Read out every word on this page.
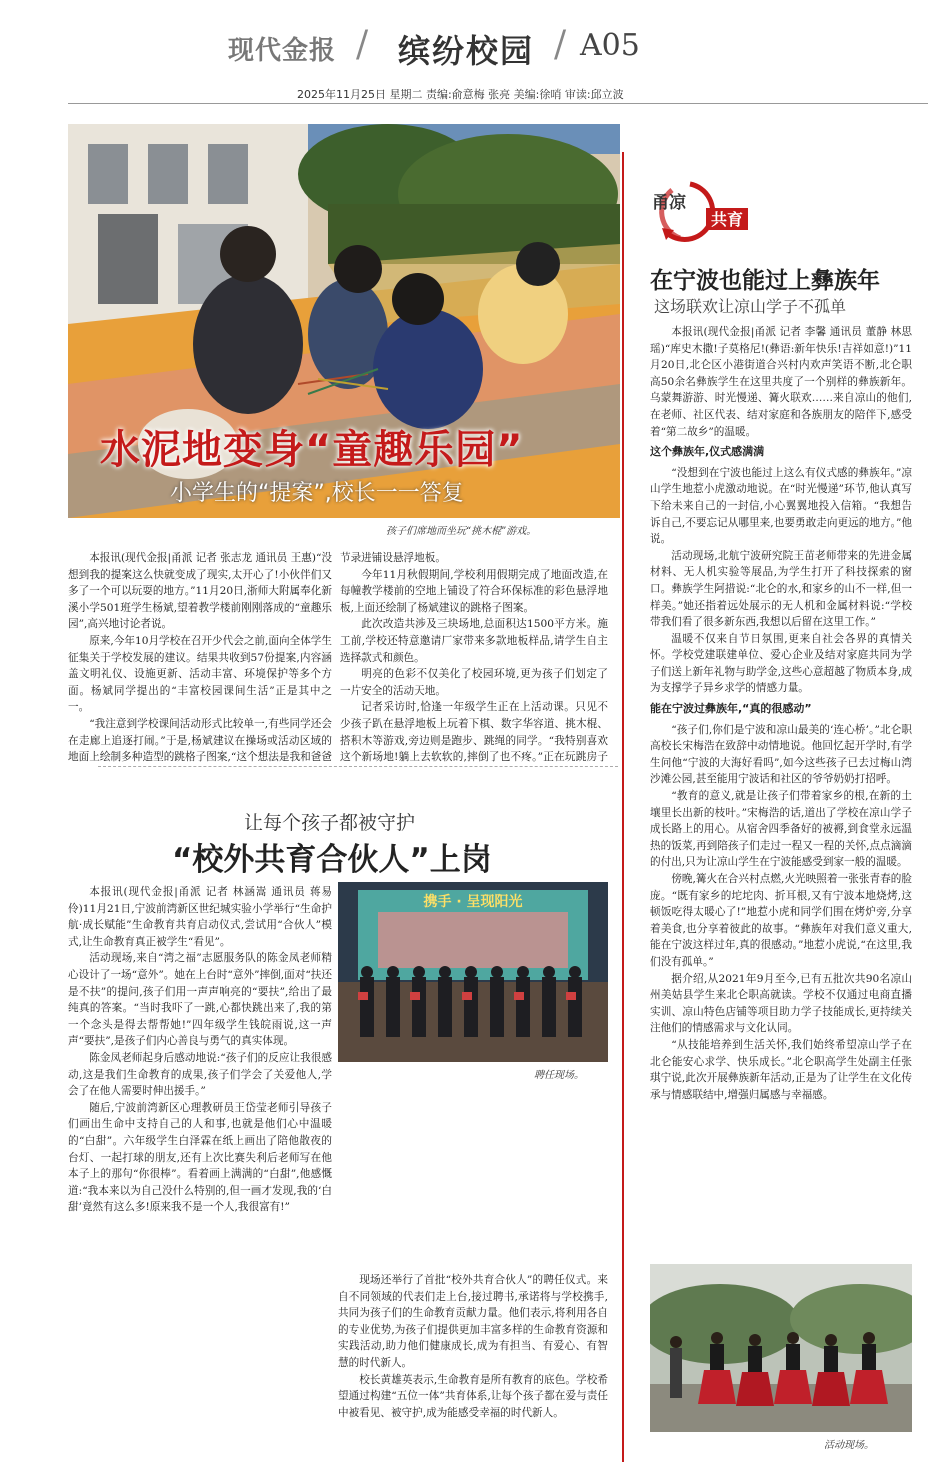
现代金报 / 缤纷校园 / A05
2025年11月25日 星期二 责编:俞意梅 张亮 美编:徐哨 审读:邱立波
水泥地变身“童趣乐园”
小学生的“提案”,校长一一答复
孩子们席地而坐玩“挑木棍”游戏。

本报讯(现代金报|甬派 记者 张志龙 通讯员 王惠)“没想到我的提案这么快就变成了现实,太开心了!小伙伴们又多了一个可以玩耍的地方。”11月20日,浙师大附属奉化新溪小学501班学生杨斌,望着教学楼前刚刚落成的“童趣乐园”,高兴地讨论者说。

原来,今年10月学校在召开少代会之前,面向全体学生征集关于学校发展的建议。结果共收到57份提案,内容涵盖文明礼仪、设施更新、活动丰富、环境保护等多个方面。杨斌同学提出的“丰富校园课间生活”正是其中之一。

“我注意到学校课间活动形式比较单一,有些同学还会在走廊上追逐打闹。”于是,杨斌建议在操场或活动区域的地面上绘制多种造型的跳格子图案,“这个想法是我和爸爸

节录进铺设悬浮地板。

今年11月秋假期间,学校利用假期完成了地面改造,在每幢教学楼前的空地上铺设了符合环保标准的彩色悬浮地板,上面还绘制了杨斌建议的跳格子图案。

此次改造共涉及三块场地,总面积达1500平方米。施工前,学校还特意邀请厂家带来多款地板样品,请学生自主选择款式和颜色。

明亮的色彩不仅美化了校园环境,更为孩子们划定了一片安全的活动天地。

记者采访时,恰逢一年级学生正在上活动课。只见不少孩子趴在悬浮地板上玩着下棋、数字华容道、挑木棍、搭积木等游戏,旁边则是跑步、跳绳的同学。“我特别喜欢这个新场地!躺上去软软的,摔倒了也不疼。”正在玩跳房子

让每个孩子都被守护
“校外共育合伙人”上岗

本报讯(现代金报|甬派 记者 林涵嵩 通讯员 蒋易伶)11月21日,宁波前湾新区世纪城实验小学举行“生命护航·成长赋能”生命教育共育启动仪式,尝试用“合伙人”模式,让生命教育真正被学生“看见”。

活动现场,来自“湾之福”志愿服务队的陈金凤老师精心设计了一场“意外”。她在上台时“意外”摔倒,面对“扶还是不扶”的提问,孩子们用一声声响亮的“要扶”,给出了最纯真的答案。“当时我吓了一跳,心都快跳出来了,我的第一个念头是得去帮帮她!”四年级学生钱皖雨说,这一声声“要扶”,是孩子们内心善良与勇气的真实体现。

陈金凤老师起身后感动地说:“孩子们的反应让我很感动,这是我们生命教育的成果,孩子们学会了关爱他人,学会了在他人需要时伸出援手。”

随后,宁波前湾新区心理教研员王岱莹老师引导孩子们画出生命中支持自己的人和事,也就是他们心中温暖的“白甜”。六年级学生白泽霖在纸上画出了陪他散夜的台灯、一起打球的朋友,还有上次比赛失利后老师写在他本子上的那句“你很棒”。看着画上满满的“白甜”,他感慨道:“我本来以为自己没什么特别的,但一画才发现,我的‘白甜’竟然有这么多!原来我不是一个人,我很富有!”

携手 · 呈现阳光
聘任现场。

现场还举行了首批“校外共育合伙人”的聘任仪式。来自不同领域的代表们走上台,接过聘书,承诺将与学校携手,共同为孩子们的生命教育贡献力量。他们表示,将利用各自的专业优势,为孩子们提供更加丰富多样的生命教育资源和实践活动,助力他们健康成长,成为有担当、有爱心、有智慧的时代新人。

校长黄雄英表示,生命教育是所有教育的底色。学校希望通过构建“五位一体”共育体系,让每个孩子都在爱与责任中被看见、被守护,成为能感受幸福的时代新人。

甬凉
共育
在宁波也能过上彝族年
这场联欢让凉山学子不孤单

本报讯(现代金报|甬派 记者 李馨 通讯员 董静 林思瑶)“库史木撒!子莫格尼!(彝语:新年快乐!吉祥如意!)”11月20日,北仑区小港街道合兴村内欢声笑语不断,北仑职高50余名彝族学生在这里共度了一个别样的彝族新年。乌蒙舞游游、时光慢递、篝火联欢……来自凉山的他们,在老师、社区代表、结对家庭和各族朋友的陪伴下,感受着“第二故乡”的温暖。

这个彝族年,仪式感满满

“没想到在宁波也能过上这么有仪式感的彝族年。”凉山学生地惹小虎激动地说。在“时光慢递”环节,他认真写下给未来自己的一封信,小心翼翼地投入信箱。“我想告诉自己,不要忘记从哪里来,也要勇敢走向更远的地方。”他说。

活动现场,北航宁波研究院王苗老师带来的先进金属材料、无人机实验等展品,为学生打开了科技探索的窗口。彝族学生阿措说:“北仑的水,和家乡的山不一样,但一样美。”她还指着远处展示的无人机和金属材料说:“学校带我们看了很多新东西,我想以后留在这里工作。”

温暖不仅来自节日氛围,更来自社会各界的真情关怀。学校党建联建单位、爱心企业及结对家庭共同为学子们送上新年礼物与助学金,这些心意超越了物质本身,成为支撑学子异乡求学的情感力量。

能在宁波过彝族年,“真的很感动”

“孩子们,你们是宁波和凉山最美的‘连心桥’。”北仑职高校长宋梅浩在致辞中动情地说。他回忆起开学时,有学生问他“宁波的大海好看吗”,如今这些孩子已去过梅山湾沙滩公园,甚至能用宁波话和社区的爷爷奶奶打招呼。

“教育的意义,就是让孩子们带着家乡的根,在新的土壤里长出新的枝叶。”宋梅浩的话,道出了学校在凉山学子成长路上的用心。从宿舍四季备好的被褥,到食堂永远温热的饭菜,再到陪孩子们走过一程又一程的关怀,点点滴滴的付出,只为让凉山学生在宁波能感受到家一般的温暖。

傍晚,篝火在合兴村点燃,火光映照着一张张青春的脸庞。“既有家乡的坨坨肉、折耳根,又有宁波本地烧烤,这顿饭吃得太暖心了!”地惹小虎和同学们围在烤炉旁,分享着美食,也分享着彼此的故事。“彝族年对我们意义重大,能在宁波这样过年,真的很感动。”地惹小虎说,“在这里,我们没有孤单。”

据介绍,从2021年9月至今,已有五批次共90名凉山州美姑县学生来北仑职高就读。学校不仅通过电商直播实训、凉山特色店铺等项目助力学子技能成长,更持续关注他们的情感需求与文化认同。

“从技能培养到生活关怀,我们始终希望凉山学子在北仑能安心求学、快乐成长。”北仑职高学生处副主任张琪宁说,此次开展彝族新年活动,正是为了让学生在文化传承与情感联结中,增强归属感与幸福感。

活动现场。
